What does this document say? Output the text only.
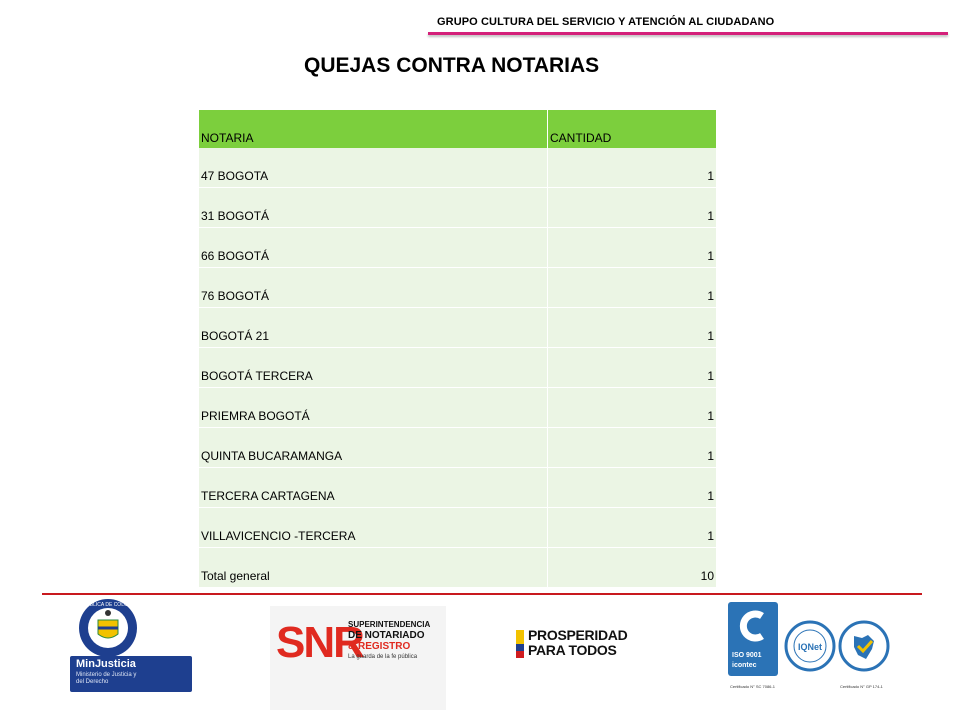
GRUPO CULTURA DEL SERVICIO Y ATENCIÓN AL CIUDADANO
QUEJAS CONTRA NOTARIAS
NOTARIA	CANTIDAD
47 BOGOTA	1
31 BOGOTÁ	1
66 BOGOTÁ	1
76 BOGOTÁ	1
BOGOTÁ 21	1
BOGOTÁ TERCERA	1
PRIEMRA BOGOTÁ	1
QUINTA BUCARAMANGA	1
TERCERA CARTAGENA	1
VILLAVICENCIO -TERCERA	1
Total general	10
REPÚBLICA DE COLOMBIA
MinJusticia
Ministerio de Justicia y del Derecho
SNR
SUPERINTENDENCIA
DE NOTARIADO
& REGISTRO
La guarda de la fe pública
PROSPERIDAD
PARA TODOS	ISO 9001
icontec
IQNet
Certificado N° SC 7086-1	Certificado N° GP 174-1
